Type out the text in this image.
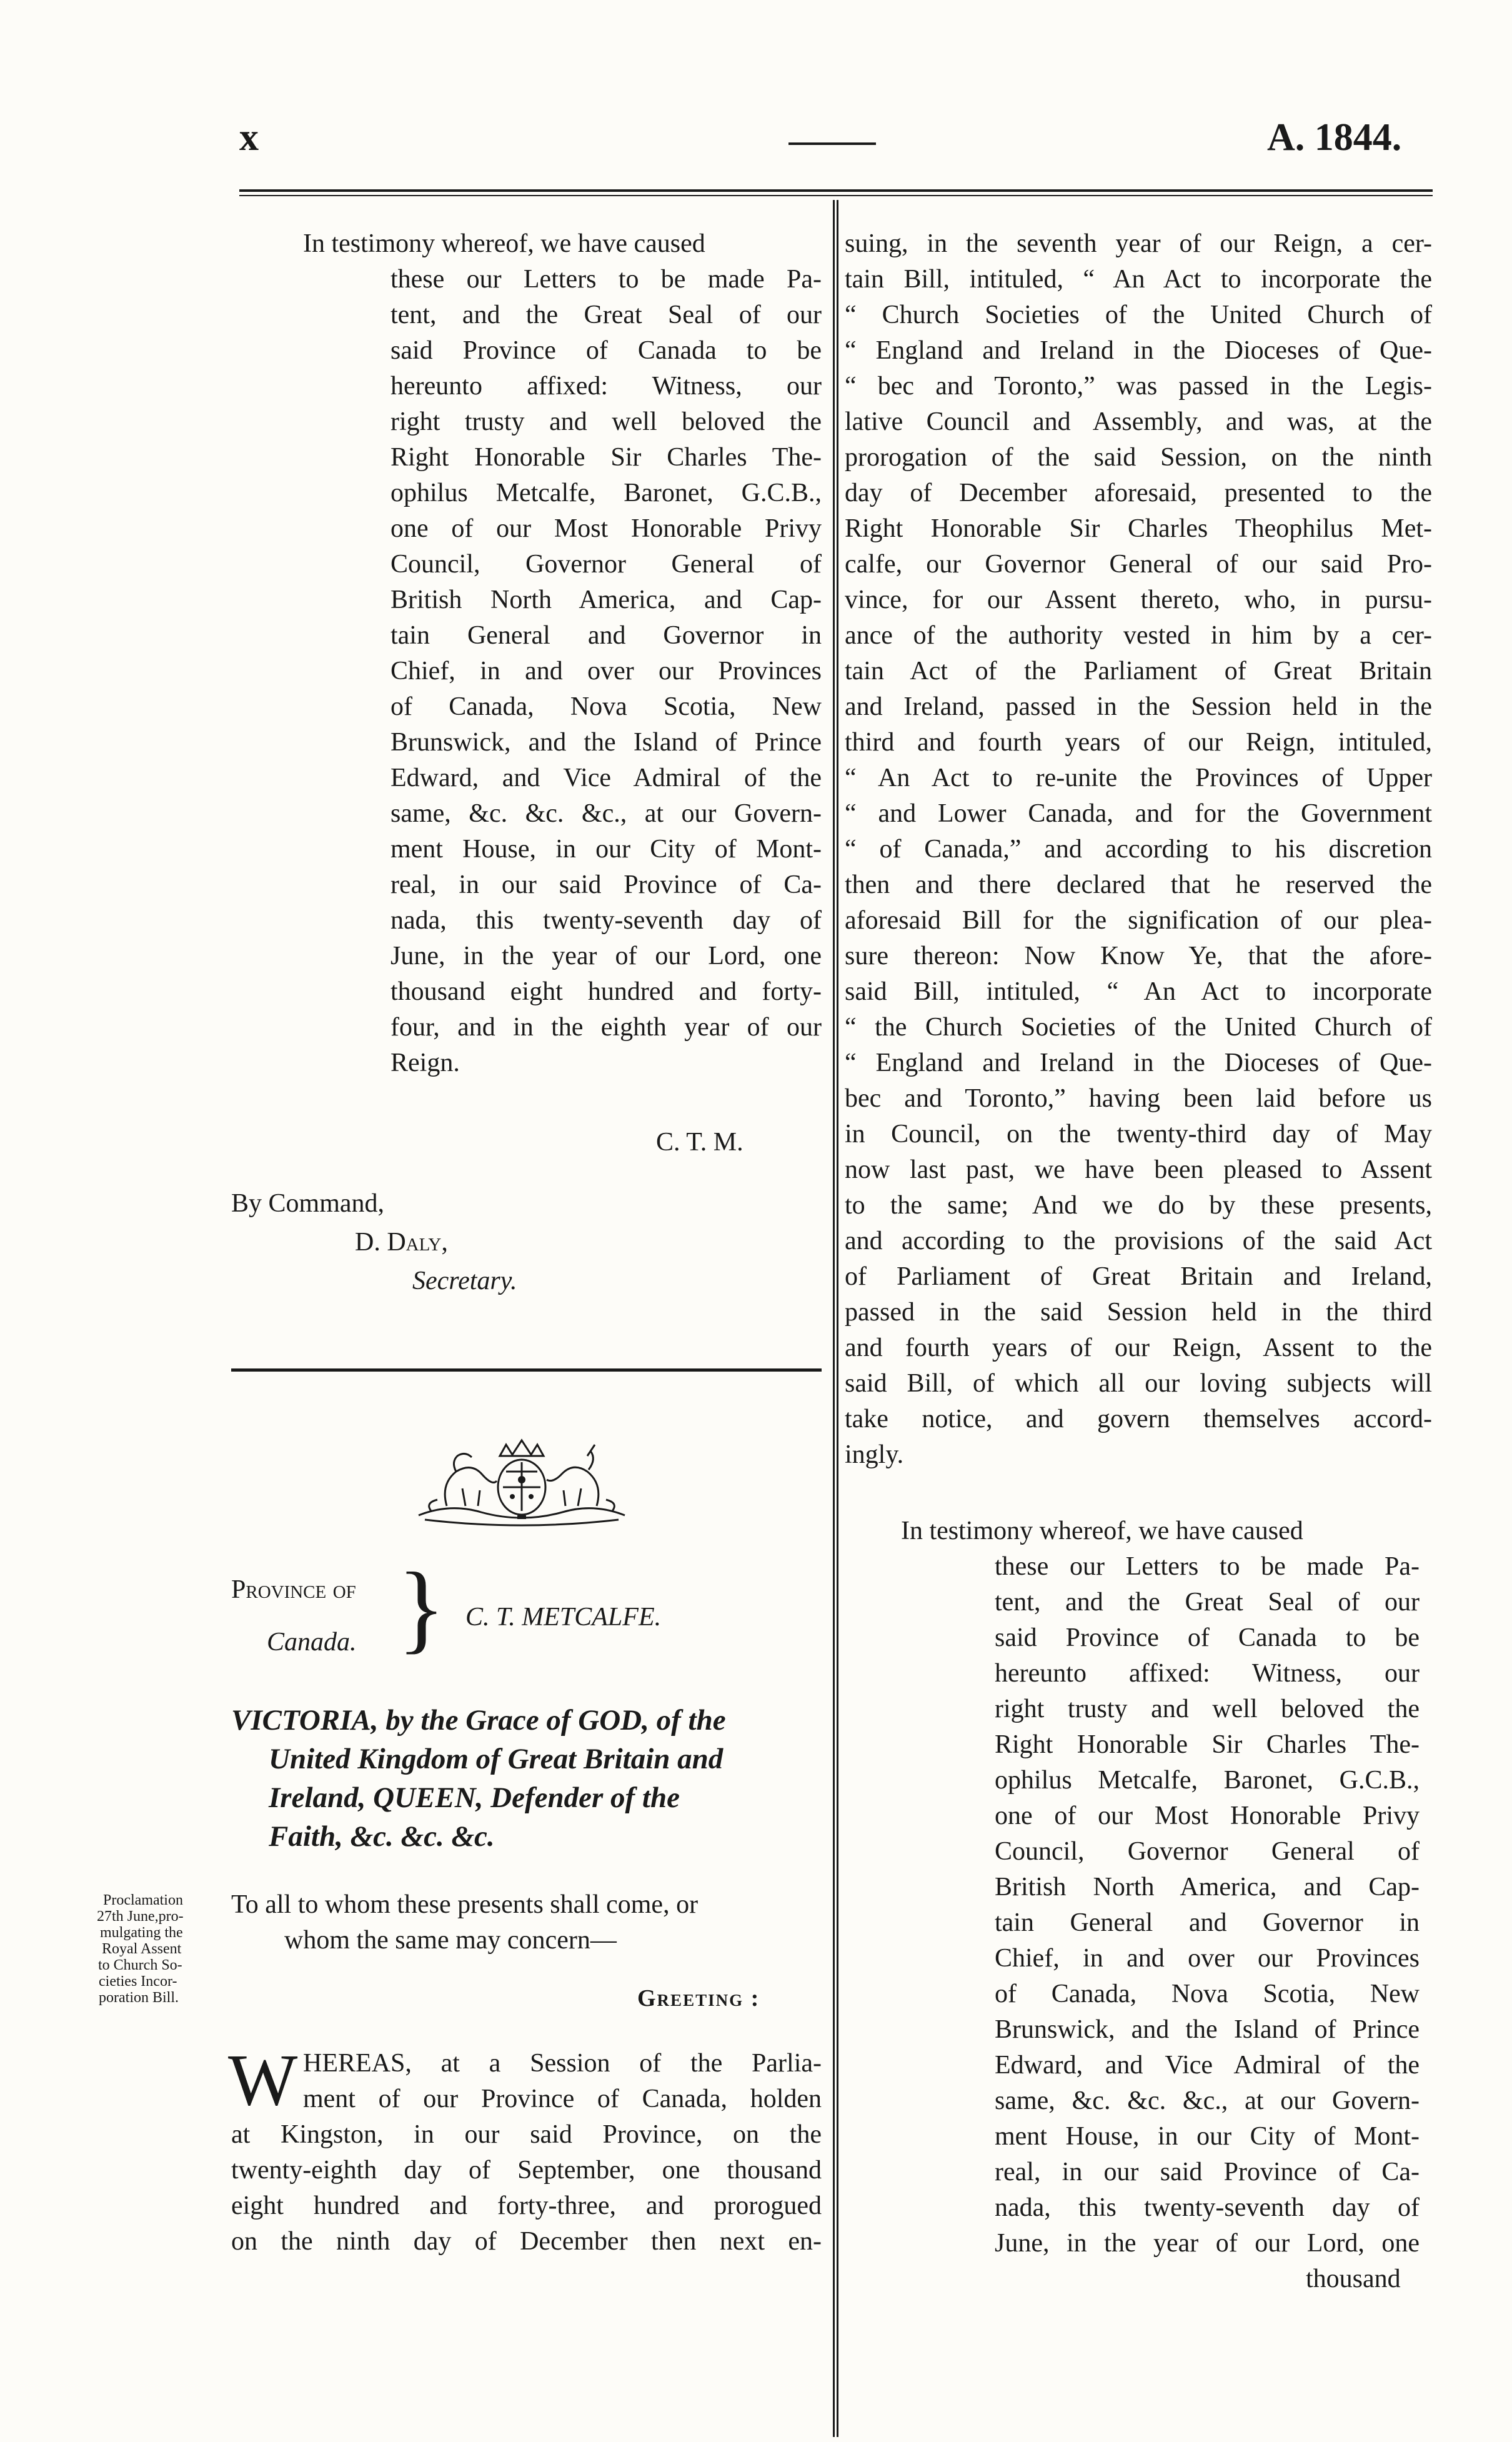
x	A. 1844.
In testimony whereof, we have caused
these our Letters to be made Pa-
tent, and the Great Seal of our
said Province of Canada to be
hereunto affixed: Witness, our
right trusty and well beloved the
Right Honorable Sir Charles The-
ophilus Metcalfe, Baronet, G.C.B.,
one of our Most Honorable Privy
Council, Governor General of
British North America, and Cap-
tain General and Governor in
Chief, in and over our Provinces
of Canada, Nova Scotia, New
Brunswick, and the Island of Prince
Edward, and Vice Admiral of the
same, &c. &c. &c., at our Govern-
ment House, in our City of Mont-
real, in our said Province of Ca-
nada, this twenty-seventh day of
June, in the year of our Lord, one
thousand eight hundred and forty-
four, and in the eighth year of our
Reign.
C. T. M.
By Command,
D. Daly,
Secretary.
Province of
Canada. } C. T. METCALFE.
VICTORIA, by the Grace of GOD, of the
United Kingdom of Great Britain and
Ireland, QUEEN, Defender of the
Faith, &c. &c. &c.
Proclamation
27th June,pro-
mulgating the
Royal Assent
to Church So-
cieties Incor-
poration Bill.
To all to whom these presents shall come, or
whom the same may concern—
Greeting :
W HEREAS, at a Session of the Parlia-
ment of our Province of Canada, holden
at Kingston, in our said Province, on the
twenty-eighth day of September, one thousand
eight hundred and forty-three, and prorogued
on the ninth day of December then next en-
suing, in the seventh year of our Reign, a cer-
tain Bill, intituled, “ An Act to incorporate the
“ Church Societies of the United Church of
“ England and Ireland in the Dioceses of Que-
“ bec and Toronto,” was passed in the Legis-
lative Council and Assembly, and was, at the
prorogation of the said Session, on the ninth
day of December aforesaid, presented to the
Right Honorable Sir Charles Theophilus Met-
calfe, our Governor General of our said Pro-
vince, for our Assent thereto, who, in pursu-
ance of the authority vested in him by a cer-
tain Act of the Parliament of Great Britain
and Ireland, passed in the Session held in the
third and fourth years of our Reign, intituled,
“ An Act to re-unite the Provinces of Upper
“ and Lower Canada, and for the Government
“ of Canada,” and according to his discretion
then and there declared that he reserved the
aforesaid Bill for the signification of our plea-
sure thereon: Now Know Ye, that the afore-
said Bill, intituled, “ An Act to incorporate
“ the Church Societies of the United Church of
“ England and Ireland in the Dioceses of Que-
bec and Toronto,” having been laid before us
in Council, on the twenty-third day of May
now last past, we have been pleased to Assent
to the same; And we do by these presents,
and according to the provisions of the said Act
of Parliament of Great Britain and Ireland,
passed in the said Session held in the third
and fourth years of our Reign, Assent to the
said Bill, of which all our loving subjects will
take notice, and govern themselves accord-
ingly.
In testimony whereof, we have caused
these our Letters to be made Pa-
tent, and the Great Seal of our
said Province of Canada to be
hereunto affixed: Witness, our
right trusty and well beloved the
Right Honorable Sir Charles The-
ophilus Metcalfe, Baronet, G.C.B.,
one of our Most Honorable Privy
Council, Governor General of
British North America, and Cap-
tain General and Governor in
Chief, in and over our Provinces
of Canada, Nova Scotia, New
Brunswick, and the Island of Prince
Edward, and Vice Admiral of the
same, &c. &c. &c., at our Govern-
ment House, in our City of Mont-
real, in our said Province of Ca-
nada, this twenty-seventh day of
June, in the year of our Lord, one
thousand
